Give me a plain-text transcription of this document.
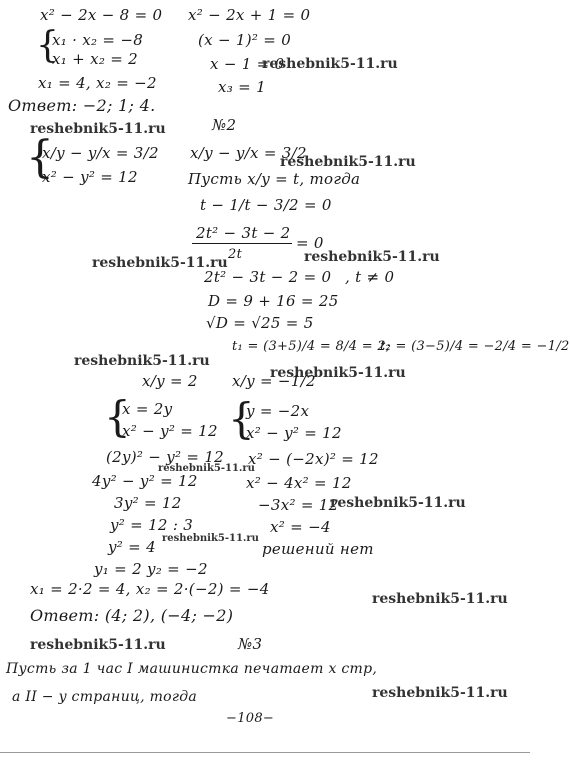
x² − 2x − 8 = 0
{
x₁ · x₂ = −8
x₁ + x₂ = 2
x₁ = 4, x₂ = −2
x² − 2x + 1 = 0
(x − 1)² = 0
x − 1 = 0
x₃ = 1
reshebnik5-11.ru
Ответ: −2; 1; 4.
reshebnik5-11.ru	№2
{
x/y − y/x = 3/2
x² − y² = 12
x/y − y/x = 3/2
reshebnik5-11.ru
Пусть x/y = t, тогда
t − 1/t − 3/2 = 0
2t² − 3t − 2
= 0
2t
reshebnik5-11.ru	reshebnik5-11.ru
2t² − 3t − 2 = 0 , t ≠ 0
D = 9 + 16 = 25
√D = √25 = 5
t₁ = (3+5)/4 = 8/4 = 2;
t₂ = (3−5)/4 = −2/4 = −1/2
reshebnik5-11.ru
reshebnik5-11.ru
x/y = 2
{
x = 2y
x² − y² = 12
(2y)² − y² = 12
reshebnik5-11.ru
4y² − y² = 12
3y² = 12
y² = 12 : 3
y² = 4 reshebnik5-11.ru
y₁ = 2 y₂ = −2
x₁ = 2·2 = 4, x₂ = 2·(−2) = −4
x/y = −1/2
{
y = −2x
x² − y² = 12
x² − (−2x)² = 12
x² − 4x² = 12
−3x² = 12
reshebnik5-11.ru
x² = −4
решений нет
Ответ: (4; 2), (−4; −2)
reshebnik5-11.ru
reshebnik5-11.ru	№3
Пусть за 1 час I машинистка печатает x стр,
а II − y страниц, тогда	reshebnik5-11.ru
−108−
